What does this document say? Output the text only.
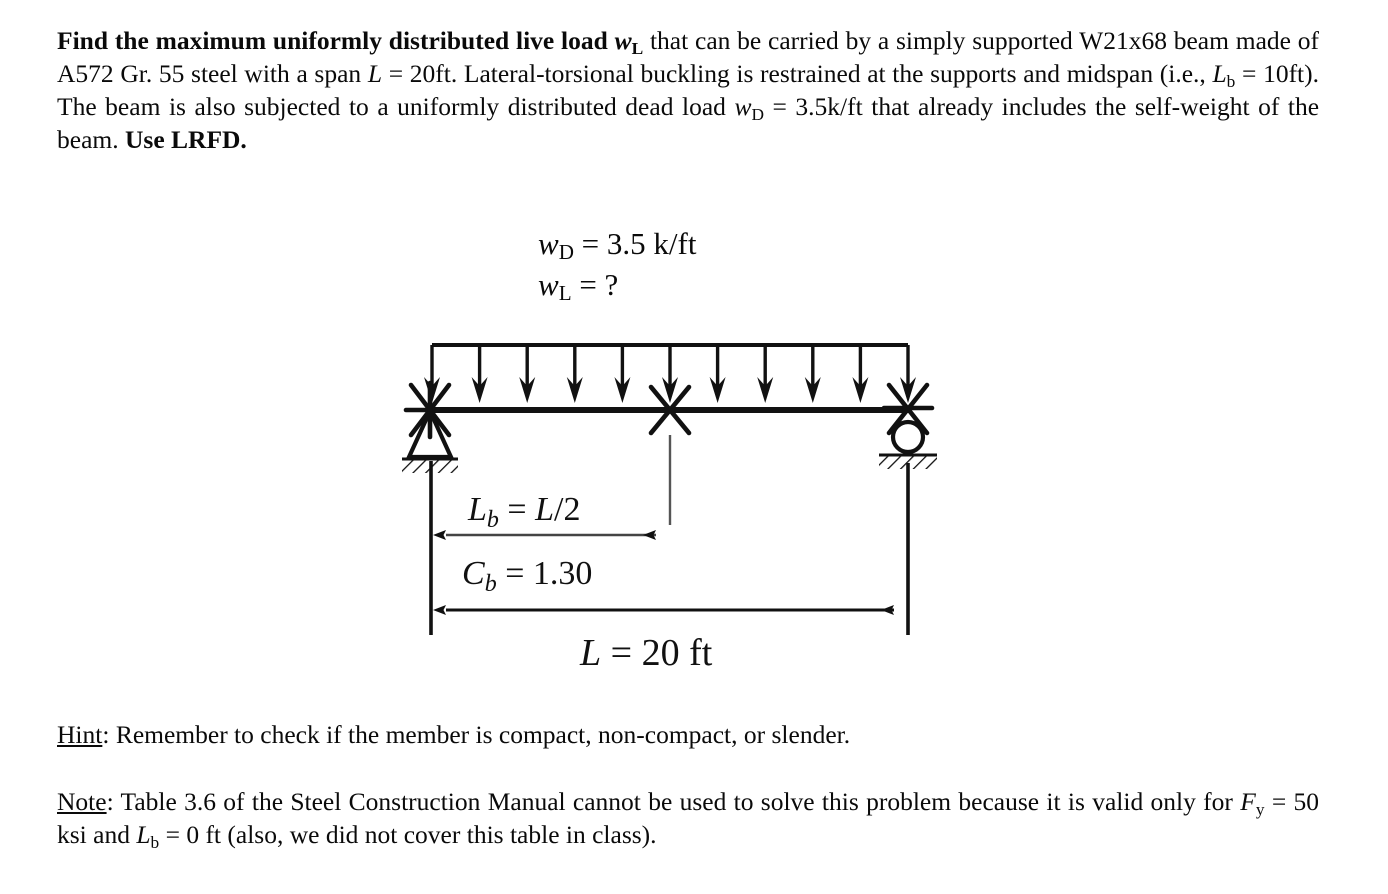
Find the maximum uniformly distributed live load $w_L$ that can be carried by a simply supported W21x68 beam made of A572 Gr. 55 steel with a span L = 20ft. Lateral-torsional buckling is restrained at the supports and midspan (i.e., $L_b = 10ft$). The beam is also subjected to a uniformly distributed dead load $w_D = 3.5k/ft$ that already includes the self-weight of the beam. Use LRFD.
$w_D = 3.5$ k/ft
$w_L$ = ?
$L_b = L/2$
$C_b = 1.30$
L = 20 ft
Hint: Remember to check if the member is compact, non-compact, or slender.
Note: Table 3.6 of the Steel Construction Manual cannot be used to solve this problem because it is valid only for $F_y = 50$ ksi and $L_b = 0$ ft (also, we did not cover this table in class).
